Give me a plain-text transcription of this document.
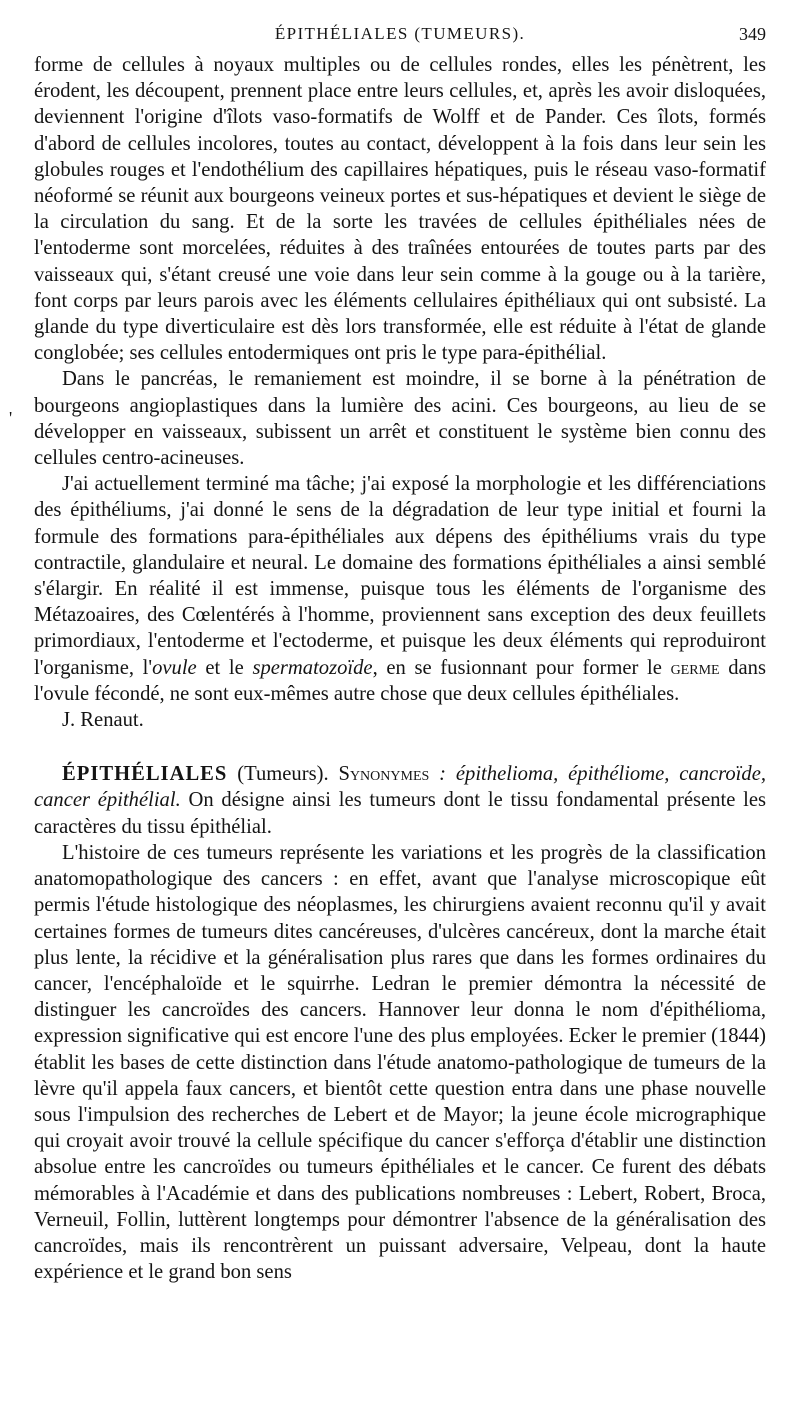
ÉPITHÉLIALES (TUMEURS).	349

forme de cellules à noyaux multiples ou de cellules rondes, elles les pénètrent, les érodent, les découpent, prennent place entre leurs cellules, et, après les avoir disloquées, deviennent l'origine d'îlots vaso-formatifs de Wolff et de Pander. Ces îlots, formés d'abord de cellules incolores, toutes au contact, développent à la fois dans leur sein les globules rouges et l'endothélium des capillaires hépatiques, puis le réseau vaso-formatif néoformé se réunit aux bourgeons veineux portes et sus-hépatiques et devient le siège de la circulation du sang. Et de la sorte les travées de cellules épithéliales nées de l'entoderme sont morcelées, réduites à des traînées entourées de toutes parts par des vaisseaux qui, s'étant creusé une voie dans leur sein comme à la gouge ou à la tarière, font corps par leurs parois avec les éléments cellulaires épithéliaux qui ont subsisté. La glande du type diverticulaire est dès lors transformée, elle est réduite à l'état de glande conglobée; ses cellules entodermiques ont pris le type para-épithélial.

Dans le pancréas, le remaniement est moindre, il se borne à la pénétration de bourgeons angioplastiques dans la lumière des acini. Ces bourgeons, au lieu de se développer en vaisseaux, subissent un arrêt et constituent le système bien connu des cellules centro-acineuses.

J'ai actuellement terminé ma tâche; j'ai exposé la morphologie et les différenciations des épithéliums, j'ai donné le sens de la dégradation de leur type initial et fourni la formule des formations para-épithéliales aux dépens des épithéliums vrais du type contractile, glandulaire et neural. Le domaine des formations épithéliales a ainsi semblé s'élargir. En réalité il est immense, puisque tous les éléments de l'organisme des Métazoaires, des Cœlentérés à l'homme, proviennent sans exception des deux feuillets primordiaux, l'entoderme et l'ectoderme, et puisque les deux éléments qui reproduiront l'organisme, l'ovule et le spermatozoïde, en se fusionnant pour former le germe dans l'ovule fécondé, ne sont eux-mêmes autre chose que deux cellules épithéliales.
J. Renaut.

ÉPITHÉLIALES (Tumeurs). Synonymes : épithelioma, épithéliome, cancroïde, cancer épithélial. On désigne ainsi les tumeurs dont le tissu fondamental présente les caractères du tissu épithélial.

L'histoire de ces tumeurs représente les variations et les progrès de la classification anatomopathologique des cancers : en effet, avant que l'analyse microscopique eût permis l'étude histologique des néoplasmes, les chirurgiens avaient reconnu qu'il y avait certaines formes de tumeurs dites cancéreuses, d'ulcères cancéreux, dont la marche était plus lente, la récidive et la généralisation plus rares que dans les formes ordinaires du cancer, l'encéphaloïde et le squirrhe. Ledran le premier démontra la nécessité de distinguer les cancroïdes des cancers. Hannover leur donna le nom d'épithélioma, expression significative qui est encore l'une des plus employées. Ecker le premier (1844) établit les bases de cette distinction dans l'étude anatomo-pathologique de tumeurs de la lèvre qu'il appela faux cancers, et bientôt cette question entra dans une phase nouvelle sous l'impulsion des recherches de Lebert et de Mayor; la jeune école micrographique qui croyait avoir trouvé la cellule spécifique du cancer s'efforça d'établir une distinction absolue entre les cancroïdes ou tumeurs épithéliales et le cancer. Ce furent des débats mémorables à l'Académie et dans des publications nombreuses : Lebert, Robert, Broca, Verneuil, Follin, luttèrent longtemps pour démontrer l'absence de la généralisation des cancroïdes, mais ils rencontrèrent un puissant adversaire, Velpeau, dont la haute expérience et le grand bon sens

'
